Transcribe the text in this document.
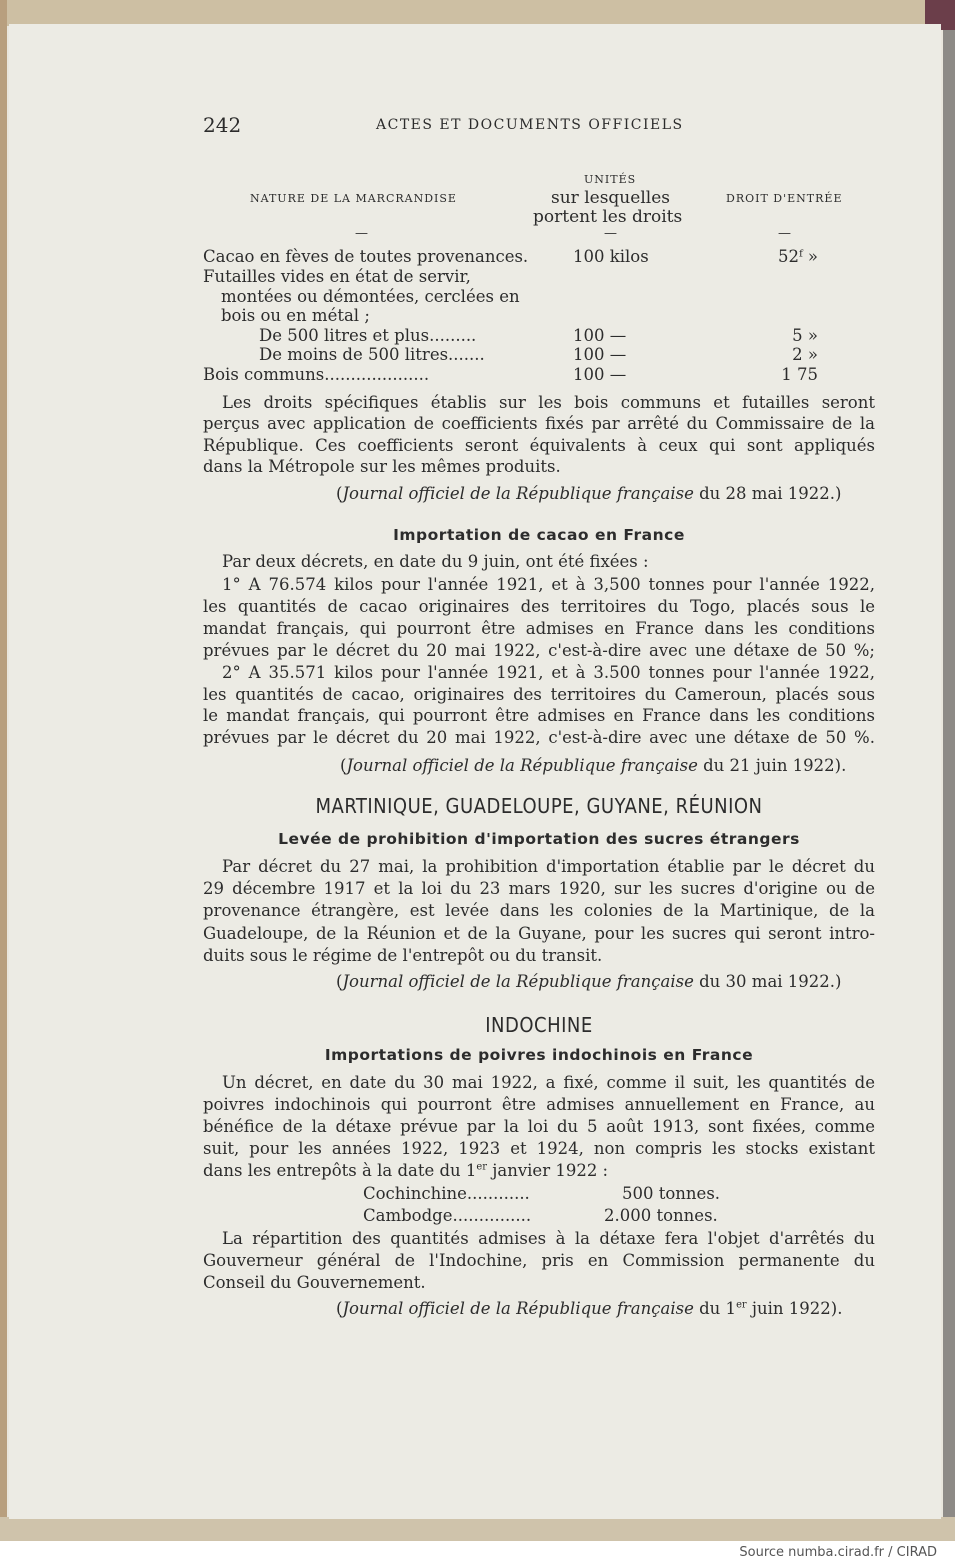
242	ACTES ET DOCUMENTS OFFICIELS
NATURE DE LA MARCRANDISE
UNITÉS
sur lesquelles
portent les droits
DROIT D'ENTRÉE
—	—	—
Cacao en fèves de toutes provenances.	100 kilos	52ᶠ »
Futailles vides en état de servir,
montées ou démontées, cerclées en
bois ou en métal ;
De 500 litres et plus.........	100 —	5 »
De moins de 500 litres.......	100 —	2 »
Bois communs....................	100 —	1 75
Les droits spécifiques établis sur les bois communs et futailles seront
perçus avec application de coefficients fixés par arrêté du Commissaire de la
République. Ces coefficients seront équivalents à ceux qui sont appliqués
dans la Métropole sur les mêmes produits.
(Journal officiel de la République française du 28 mai 1922.)
Importation de cacao en France
Par deux décrets, en date du 9 juin, ont été fixées :
1° A 76.574 kilos pour l'année 1921, et à 3,500 tonnes pour l'année 1922,
les quantités de cacao originaires des territoires du Togo, placés sous le
mandat français, qui pourront être admises en France dans les conditions
prévues par le décret du 20 mai 1922, c'est-à-dire avec une détaxe de 50 %;
2° A 35.571 kilos pour l'année 1921, et à 3.500 tonnes pour l'année 1922,
les quantités de cacao, originaires des territoires du Cameroun, placés sous
le mandat français, qui pourront être admises en France dans les conditions
prévues par le décret du 20 mai 1922, c'est-à-dire avec une détaxe de 50 %.
(Journal officiel de la République française du 21 juin 1922).
MARTINIQUE, GUADELOUPE, GUYANE, RÉUNION
Levée de prohibition d'importation des sucres étrangers
Par décret du 27 mai, la prohibition d'importation établie par le décret du
29 décembre 1917 et la loi du 23 mars 1920, sur les sucres d'origine ou de
provenance étrangère, est levée dans les colonies de la Martinique, de la
Guadeloupe, de la Réunion et de la Guyane, pour les sucres qui seront intro-
duits sous le régime de l'entrepôt ou du transit.
(Journal officiel de la République française du 30 mai 1922.)
INDOCHINE
Importations de poivres indochinois en France
Un décret, en date du 30 mai 1922, a fixé, comme il suit, les quantités de
poivres indochinois qui pourront être admises annuellement en France, au
bénéfice de la détaxe prévue par la loi du 5 août 1913, sont fixées, comme
suit, pour les années 1922, 1923 et 1924, non compris les stocks existant
dans les entrepôts à la date du 1er janvier 1922 :
Cochinchine............	500 tonnes.
Cambodge...............	2.000 tonnes.
La répartition des quantités admises à la détaxe fera l'objet d'arrêtés du
Gouverneur général de l'Indochine, pris en Commission permanente du
Conseil du Gouvernement.
(Journal officiel de la République française du 1er juin 1922).
Source numba.cirad.fr / CIRAD
